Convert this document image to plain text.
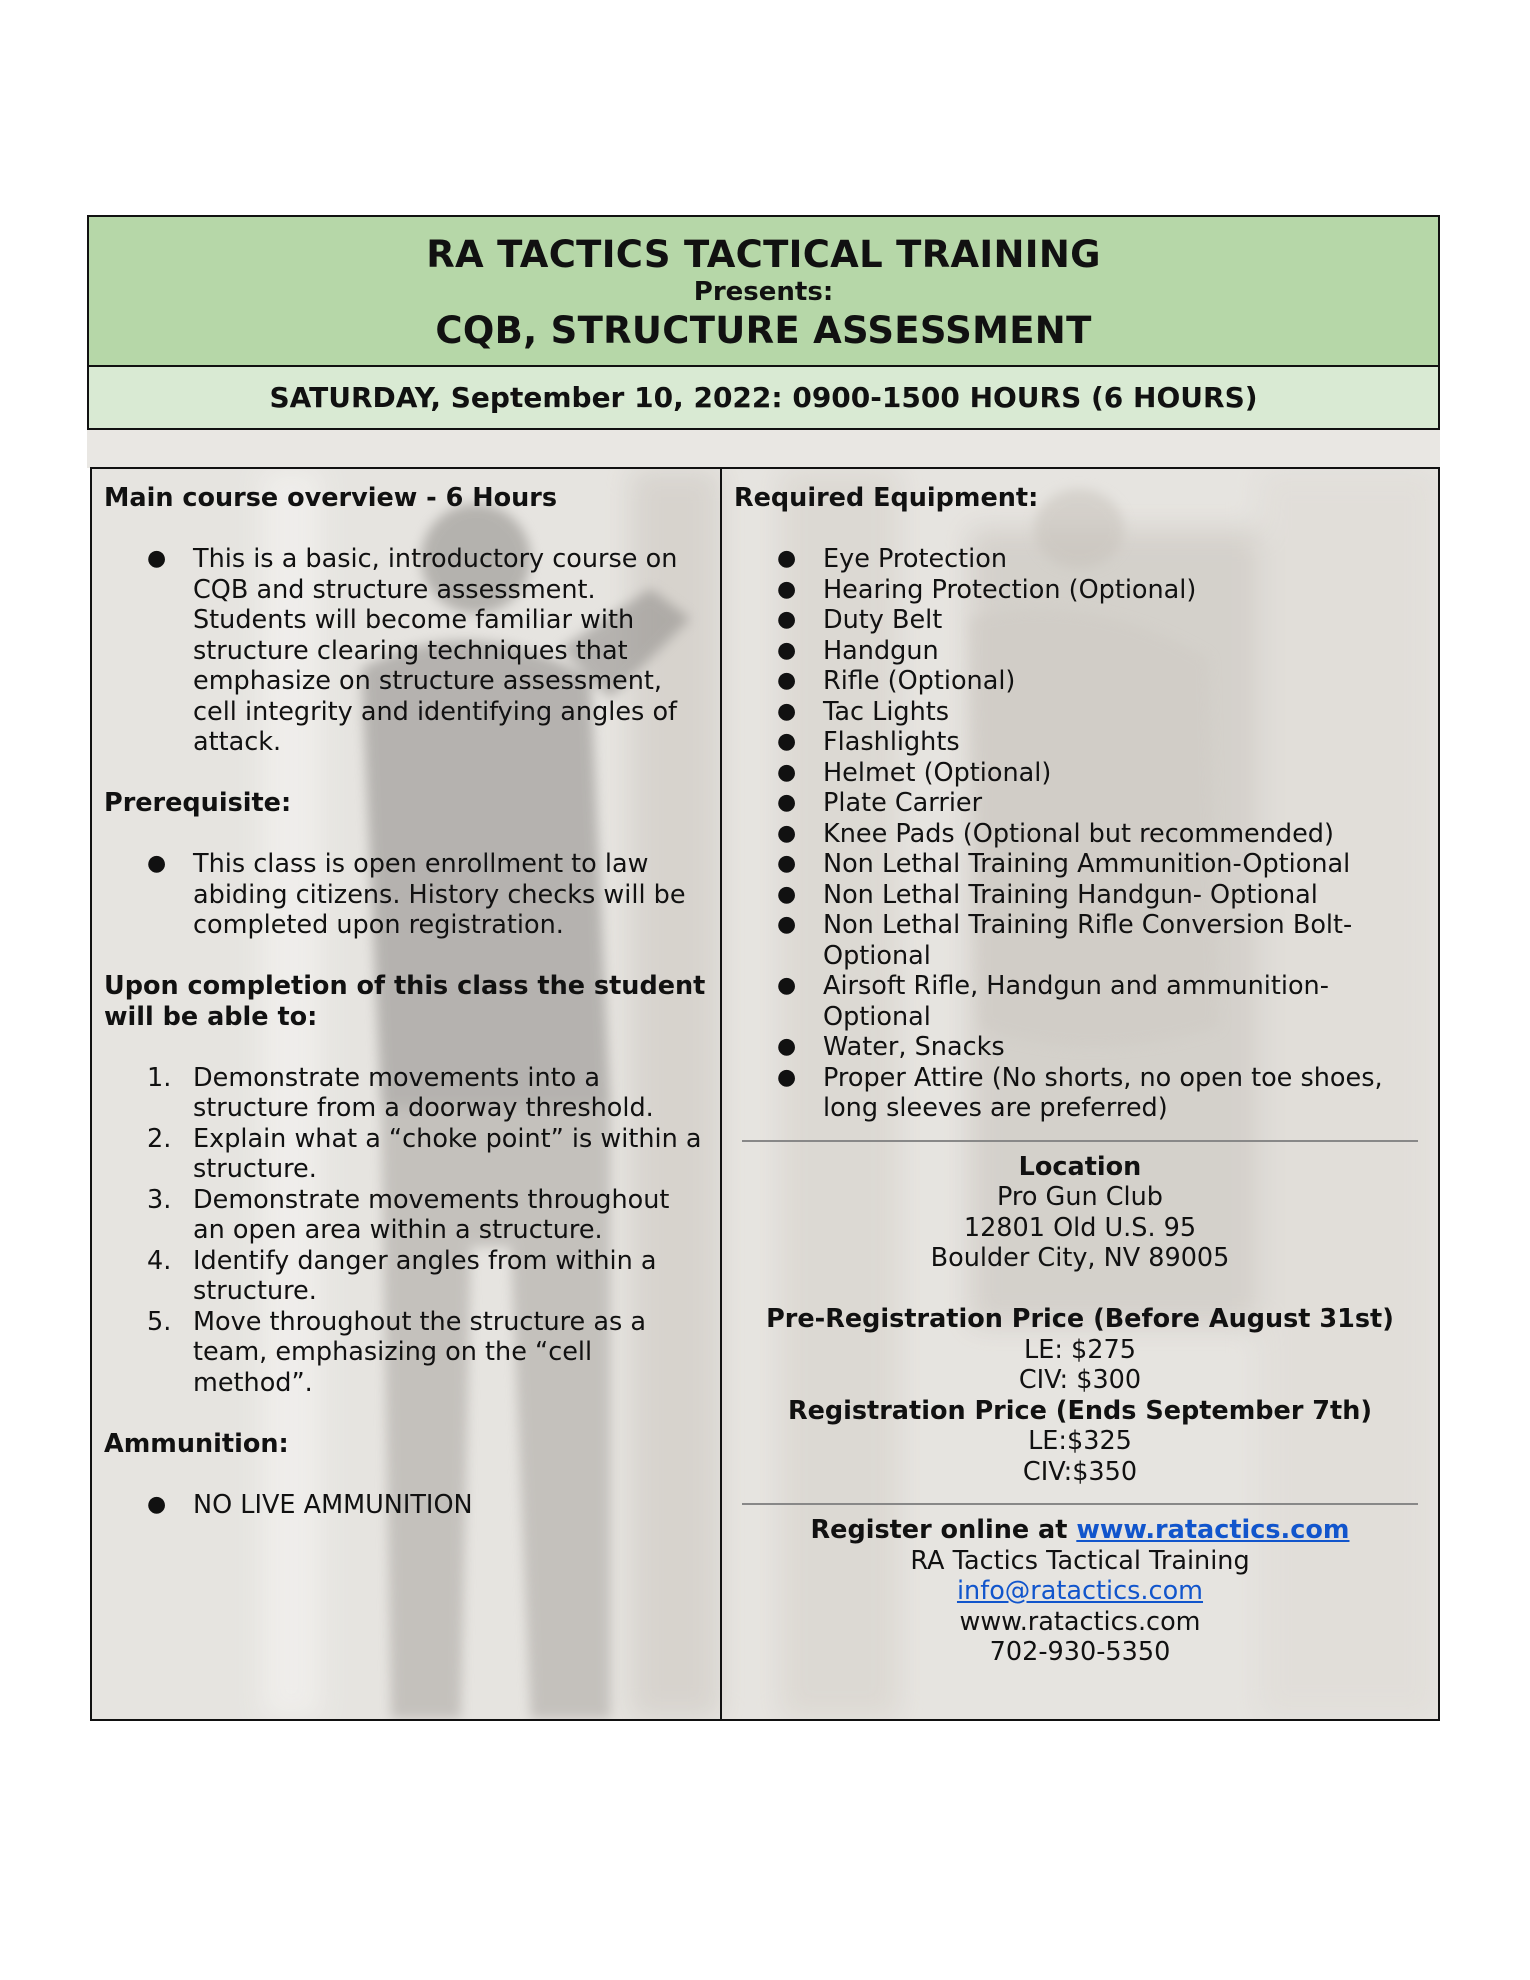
RA TACTICS TACTICAL TRAINING
Presents:
CQB, STRUCTURE ASSESSMENT
SATURDAY, September 10, 2022: 0900-1500 HOURS (6 HOURS)
Main course overview - 6 Hours
● This is a basic, introductory course on CQB and structure assessment. Students will become familiar with structure clearing techniques that emphasize on structure assessment, cell integrity and identifying angles of attack.
Prerequisite:
● This class is open enrollment to law abiding citizens. History checks will be completed upon registration.
Upon completion of this class the student will be able to:
1. Demonstrate movements into a structure from a doorway threshold.
2. Explain what a “choke point” is within a structure.
3. Demonstrate movements throughout an open area within a structure.
4. Identify danger angles from within a structure.
5. Move throughout the structure as a team, emphasizing on the “cell method”.
Ammunition:
● NO LIVE AMMUNITION
Required Equipment:
● Eye Protection
● Hearing Protection (Optional)
● Duty Belt
● Handgun
● Rifle (Optional)
● Tac Lights
● Flashlights
● Helmet (Optional)
● Plate Carrier
● Knee Pads (Optional but recommended)
● Non Lethal Training Ammunition-Optional
● Non Lethal Training Handgun- Optional
● Non Lethal Training Rifle Conversion Bolt-Optional
● Airsoft Rifle, Handgun and ammunition-Optional
● Water, Snacks
● Proper Attire (No shorts, no open toe shoes, long sleeves are preferred)
Location
Pro Gun Club
12801 Old U.S. 95
Boulder City, NV 89005
Pre-Registration Price (Before August 31st)
LE: $275
CIV: $300
Registration Price (Ends September 7th)
LE:$325
CIV:$350
Register online at www.ratactics.com
RA Tactics Tactical Training
info@ratactics.com
www.ratactics.com
702-930-5350
